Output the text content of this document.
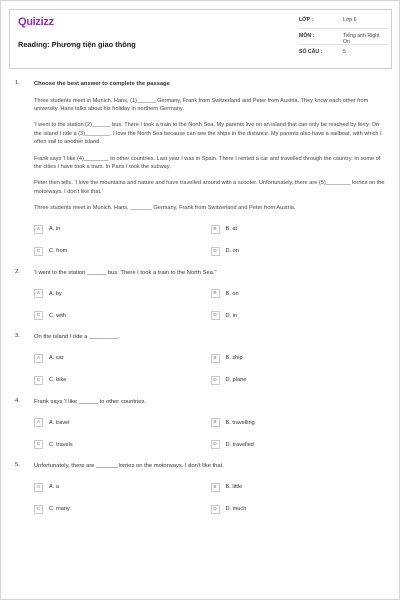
Quizizz
Reading: Phương tiện giao thông
LỚP :	Lớp 6
MÔN :	Tiếng anh Right On
SỐ CÂU :	5
1. Choose the best answer to complete the passage
Three students meet in Munich. Hans, (1)______ Germany, Frank from Switzerland and Peter from Austria. They know each other from university. Hans talks about his holiday in northern Germany.
'I went to the station (2)______ bus. There I took a train to the North Sea. My parents live on an island that can only be reached by ferry. On the island I ride a (3)________. I love the North Sea because can see the ships in the distance. My parents also have a sailboat, with which I often sail to another island.
Frank says 'I like (4)________ to other countries. Last year I was in Spain. There I rented a car and travelled through the country. In some of the cities I have took a tram. In Paris I took the subway.
Peter then tells. 'I love the mountains and nature and have travelled around with a scooter. Unfortunately, there are (5)________ lorries on the motorways. I don't like that.'
Three students meet in Munich. Hans, _______ Germany, Frank from Switzerland and Peter from Austria.
A	A. in	B	B. at
C	C. from	D	D. on
2. 'I went to the station ______ bus. There I took a train to the North Sea."
A	A. by	B	B. on
C	C. with	D	D. in
3. On the island I ride a _________.
A	A. car	B	B. ship
C	C. bike	D	D. plane
4. Frank says 'I like ______ to other countries.
A	A. travel	B	B. travelling
C	C. travels	D	D. travelled
5. Unfortunately, there are _______lorries on the motorways. I don't like that.
A	A. a	B	B. little
C	C. many	D	D. much
